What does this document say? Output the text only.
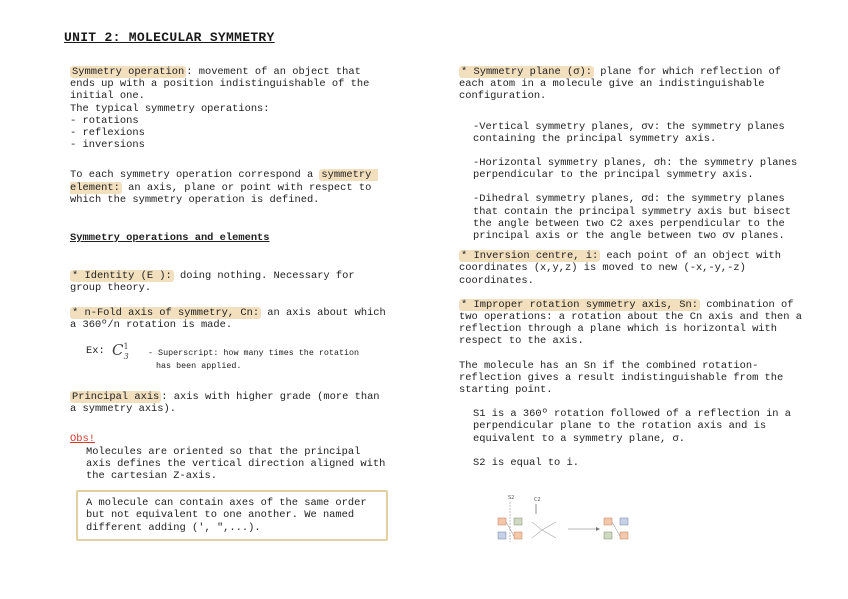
UNIT 2: MOLECULAR SYMMETRY

Symmetry operation : movement of an object that ends up with a position indistinguishable of the initial one.

The typical symmetry operations:

- rotations

- reflexions

- inversions

To each symmetry operation correspond a symmetry element: an axis, plane or point with respect to which the symmetry operation is defined.

Symmetry operations and elements

* Identity (E ): doing nothing. Necessary for group theory.

* n-Fold axis of symmetry, Cn: an axis about which a 360º/n rotation is made.

Ex: $C^1_3$ - Superscript: how many times the rotation
has been applied.

Principal axis : axis with higher grade (more than a symmetry axis).

Obs!

Molecules are oriented so that the principal axis defines the vertical direction aligned with the cartesian Z-axis.

A molecule can contain axes of the same order but not equivalent to one another. We named different adding (', ",...).

* Symmetry plane (σ): plane for which reflection of each atom in a molecule give an indistinguishable configuration.

-Vertical symmetry planes, σv: the symmetry planes containing the principal symmetry axis.

-Horizontal symmetry planes, σh: the symmetry planes perpendicular to the principal symmetry axis.

-Dihedral symmetry planes, σd: the symmetry planes that contain the principal symmetry axis but bisect the angle between two C2 axes perpendicular to the principal axis or the angle between two σv planes.

* Inversion centre, i: each point of an object with coordinates (x,y,z) is moved to new (-x,-y,-z) coordinates.

* Improper rotation symmetry axis, Sn: combination of two operations: a rotation about the Cn axis and then a reflection through a plane which is horizontal with respect to the axis.

The molecule has an Sn if the combined rotation-reflection gives a result indistinguishable from the starting point.

S1 is a 360º rotation followed of a reflection in a perpendicular plane to the rotation axis and is equivalent to a symmetry plane, σ.

S2 is equal to i.

S2	C2
